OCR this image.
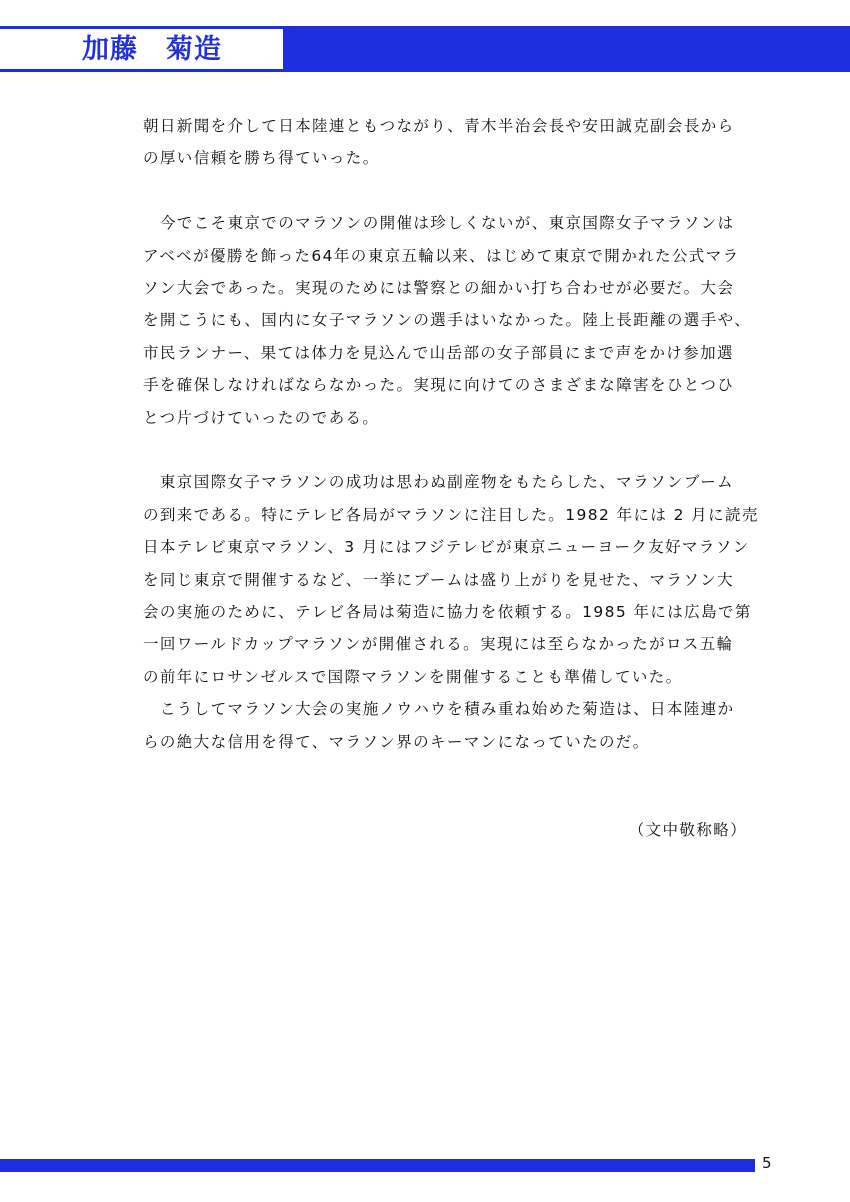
加藤　菊造

朝日新聞を介して日本陸連ともつながり、青木半治会長や安田誠克副会長から

の厚い信頼を勝ち得ていった。

　今でこそ東京でのマラソンの開催は珍しくないが、東京国際女子マラソンは

アベベが優勝を飾った64年の東京五輪以来、はじめて東京で開かれた公式マラ

ソン大会であった。実現のためには警察との細かい打ち合わせが必要だ。大会

を開こうにも、国内に女子マラソンの選手はいなかった。陸上長距離の選手や、

市民ランナー、果ては体力を見込んで山岳部の女子部員にまで声をかけ参加選

手を確保しなければならなかった。実現に向けてのさまざまな障害をひとつひ

とつ片づけていったのである。

　東京国際女子マラソンの成功は思わぬ副産物をもたらした、マラソンブーム

の到来である。特にテレビ各局がマラソンに注目した。1982 年には 2 月に読売

日本テレビ東京マラソン、3 月にはフジテレビが東京ニューヨーク友好マラソン

を同じ東京で開催するなど、一挙にブームは盛り上がりを見せた、マラソン大

会の実施のために、テレビ各局は菊造に協力を依頼する。1985 年には広島で第

一回ワールドカップマラソンが開催される。実現には至らなかったがロス五輪

の前年にロサンゼルスで国際マラソンを開催することも準備していた。

　こうしてマラソン大会の実施ノウハウを積み重ね始めた菊造は、日本陸連か

らの絶大な信用を得て、マラソン界のキーマンになっていたのだ。

（文中敬称略）
5
